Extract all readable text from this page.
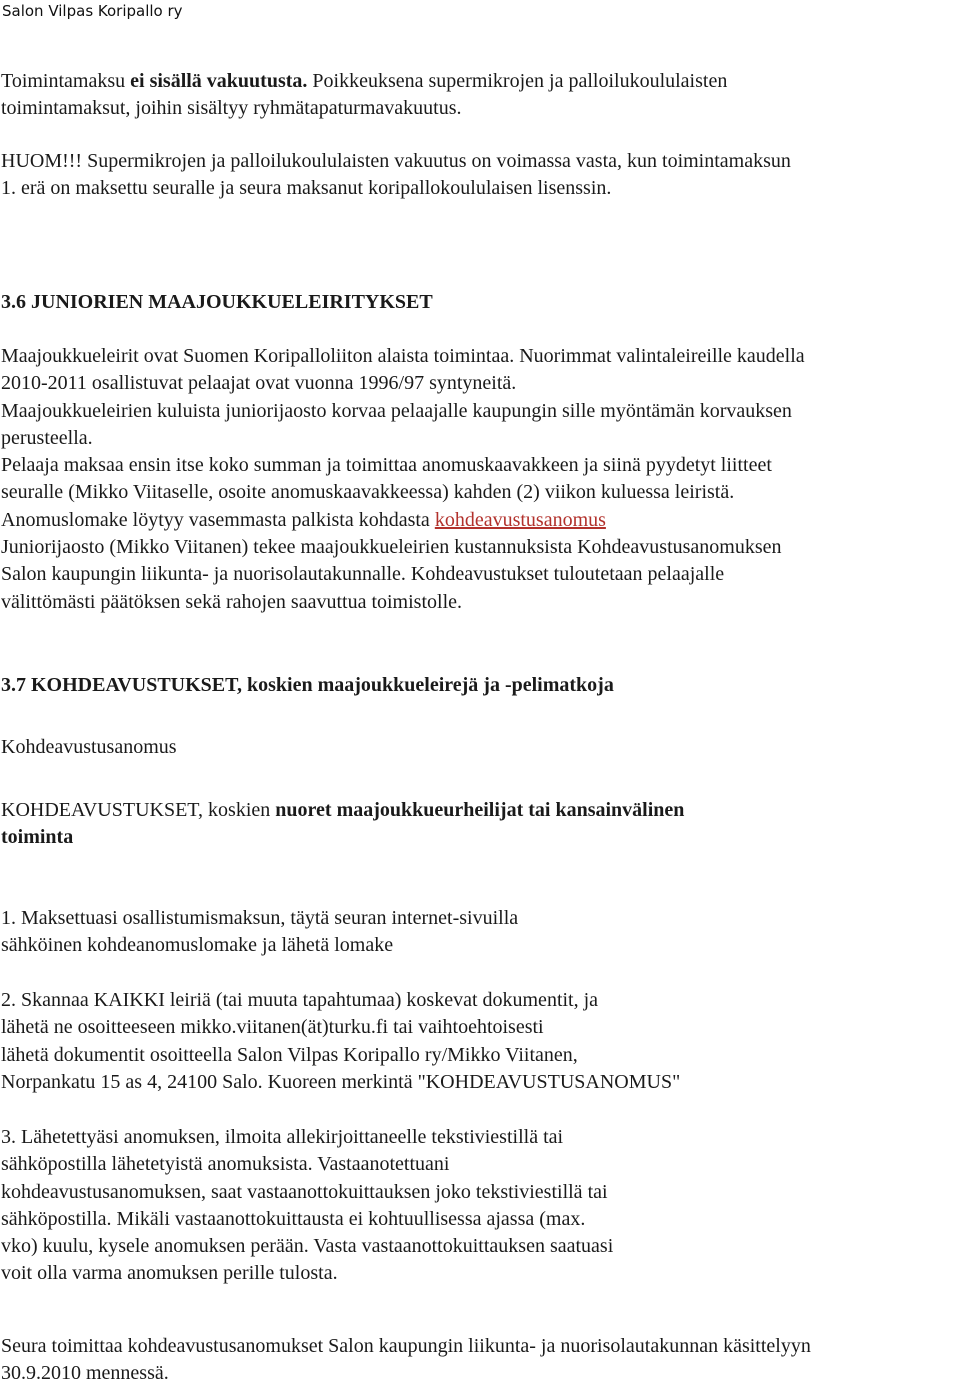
Salon Vilpas Koripallo ry

Toimintamaksu ei sisällä vakuutusta. Poikkeuksena supermikrojen ja palloilukoululaisten
toimintamaksut, joihin sisältyy ryhmätapaturmavakuutus.

HUOM!!! Supermikrojen ja palloilukoululaisten vakuutus on voimassa vasta, kun toimintamaksun
1. erä on maksettu seuralle ja seura maksanut koripallokoululaisen lisenssin.

3.6 JUNIORIEN MAAJOUKKUELEIRITYKSET

Maajoukkueleirit ovat Suomen Koripalloliiton alaista toimintaa. Nuorimmat valintaleireille kaudella
2010-2011 osallistuvat pelaajat ovat vuonna 1996/97 syntyneitä.
Maajoukkueleirien kuluista juniorijaosto korvaa pelaajalle kaupungin sille myöntämän korvauksen
perusteella.
Pelaaja maksaa ensin itse koko summan ja toimittaa anomuskaavakkeen ja siinä pyydetyt liitteet
seuralle (Mikko Viitaselle, osoite anomuskaavakkeessa) kahden (2) viikon kuluessa leiristä.
Anomuslomake löytyy vasemmasta palkista kohdasta kohdeavustusanomus
Juniorijaosto (Mikko Viitanen) tekee maajoukkueleirien kustannuksista Kohdeavustusanomuksen
Salon kaupungin liikunta- ja nuorisolautakunnalle. Kohdeavustukset tuloutetaan pelaajalle
välittömästi päätöksen sekä rahojen saavuttua toimistolle.

3.7 KOHDEAVUSTUKSET, koskien maajoukkueleirejä ja -pelimatkoja

Kohdeavustusanomus

KOHDEAVUSTUKSET, koskien nuoret maajoukkueurheilijat tai kansainvälinen
toiminta

1. Maksettuasi osallistumismaksun, täytä seuran internet-sivuilla
sähköinen kohdeanomuslomake ja lähetä lomake

2. Skannaa KAIKKI leiriä (tai muuta tapahtumaa) koskevat dokumentit, ja
lähetä ne osoitteeseen mikko.viitanen(ät)turku.fi tai vaihtoehtoisesti
lähetä dokumentit osoitteella Salon Vilpas Koripallo ry/Mikko Viitanen,
Norpankatu 15 as 4, 24100 Salo. Kuoreen merkintä "KOHDEAVUSTUSANOMUS"

3. Lähetettyäsi anomuksen, ilmoita allekirjoittaneelle tekstiviestillä tai
sähköpostilla lähetetyistä anomuksista. Vastaanotettuani
kohdeavustusanomuksen, saat vastaanottokuittauksen joko tekstiviestillä tai
sähköpostilla. Mikäli vastaanottokuittausta ei kohtuullisessa ajassa (max.
vko) kuulu, kysele anomuksen perään. Vasta vastaanottokuittauksen saatuasi
voit olla varma anomuksen perille tulosta.

Seura toimittaa kohdeavustusanomukset Salon kaupungin liikunta- ja nuorisolautakunnan käsittelyyn
30.9.2010 mennessä.
